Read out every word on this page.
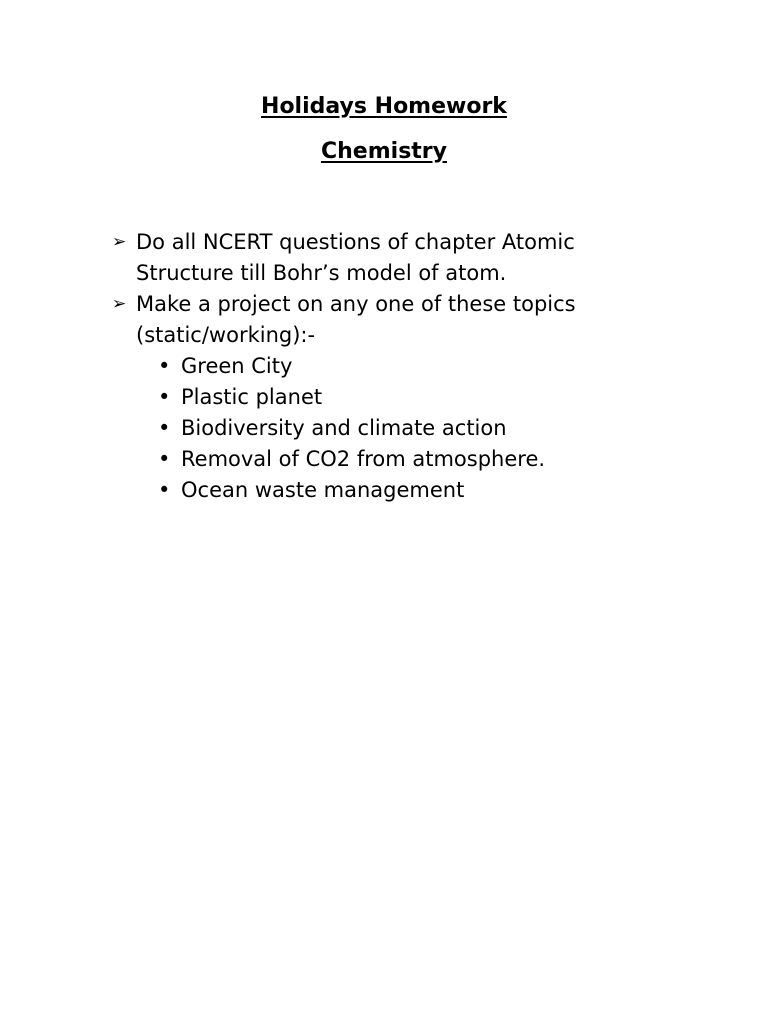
Holidays Homework
Chemistry
➢ Do all NCERT questions of chapter Atomic Structure till Bohr’s model of atom.
➢ Make a project on any one of these topics (static/working):-
• Green City
• Plastic planet
• Biodiversity and climate action
• Removal of CO2 from atmosphere.
• Ocean waste management
